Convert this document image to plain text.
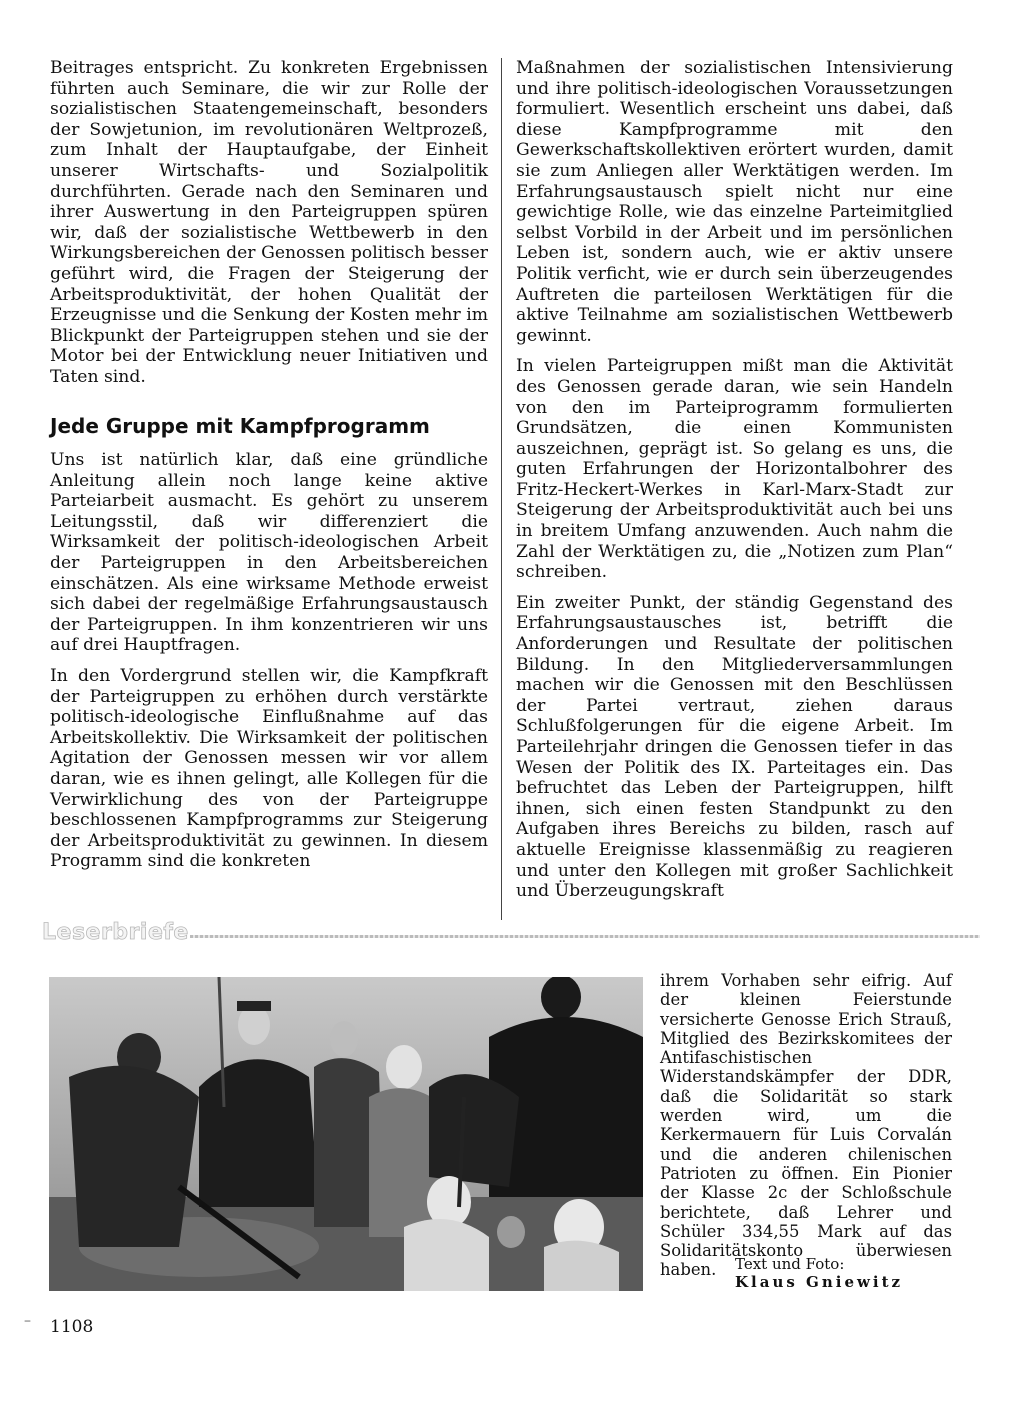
Beitrages entspricht. Zu konkreten Ergebnissen führten auch Seminare, die wir zur Rolle der sozialistischen Staatengemeinschaft, besonders der Sowjetunion, im revolutionären Weltprozeß, zum Inhalt der Hauptaufgabe, der Einheit unserer Wirtschafts- und Sozialpolitik durchführten. Gerade nach den Seminaren und ihrer Auswertung in den Parteigruppen spüren wir, daß der sozialistische Wettbewerb in den Wirkungsbereichen der Genossen politisch besser geführt wird, die Fragen der Steigerung der Arbeitsproduktivität, der hohen Qualität der Erzeugnisse und die Senkung der Kosten mehr im Blickpunkt der Parteigruppen stehen und sie der Motor bei der Entwicklung neuer Initiativen und Taten sind.

Jede Gruppe mit Kampfprogramm

Uns ist natürlich klar, daß eine gründliche Anleitung allein noch lange keine aktive Parteiarbeit ausmacht. Es gehört zu unserem Leitungsstil, daß wir differenziert die Wirksamkeit der politisch-ideologischen Arbeit der Parteigruppen in den Arbeitsbereichen einschätzen. Als eine wirksame Methode erweist sich dabei der regelmäßige Erfahrungsaustausch der Parteigruppen. In ihm konzentrieren wir uns auf drei Hauptfragen.

In den Vordergrund stellen wir, die Kampfkraft der Parteigruppen zu erhöhen durch verstärkte politisch-ideologische Einflußnahme auf das Arbeitskollektiv. Die Wirksamkeit der politischen Agitation der Genossen messen wir vor allem daran, wie es ihnen gelingt, alle Kollegen für die Verwirklichung des von der Parteigruppe beschlossenen Kampfprogramms zur Steigerung der Arbeitsproduktivität zu gewinnen. In diesem Programm sind die konkreten

Maßnahmen der sozialistischen Intensivierung und ihre politisch-ideologischen Voraussetzungen formuliert. Wesentlich erscheint uns dabei, daß diese Kampfprogramme mit den Gewerkschaftskollektiven erörtert wurden, damit sie zum Anliegen aller Werktätigen werden. Im Erfahrungsaustausch spielt nicht nur eine gewichtige Rolle, wie das einzelne Parteimitglied selbst Vorbild in der Arbeit und im persönlichen Leben ist, sondern auch, wie er aktiv unsere Politik verficht, wie er durch sein überzeugendes Auftreten die parteilosen Werktätigen für die aktive Teilnahme am sozialistischen Wettbewerb gewinnt.

In vielen Parteigruppen mißt man die Aktivität des Genossen gerade daran, wie sein Handeln von den im Parteiprogramm formulierten Grundsätzen, die einen Kommunisten auszeichnen, geprägt ist. So gelang es uns, die guten Erfahrungen der Horizontalbohrer des Fritz-Heckert-Werkes in Karl-Marx-Stadt zur Steigerung der Arbeitsproduktivität auch bei uns in breitem Umfang anzuwenden. Auch nahm die Zahl der Werktätigen zu, die „Notizen zum Plan“ schreiben.

Ein zweiter Punkt, der ständig Gegenstand des Erfahrungsaustausches ist, betrifft die Anforderungen und Resultate der politischen Bildung. In den Mitgliederversammlungen machen wir die Genossen mit den Beschlüssen der Partei vertraut, ziehen daraus Schlußfolgerungen für die eigene Arbeit. Im Parteilehrjahr dringen die Genossen tiefer in das Wesen der Politik des IX. Parteitages ein. Das befruchtet das Leben der Parteigruppen, hilft ihnen, sich einen festen Standpunkt zu den Aufgaben ihres Bereichs zu bilden, rasch auf aktuelle Ereignisse klassenmäßig zu reagieren und unter den Kollegen mit großer Sachlichkeit und Überzeugungskraft

Leserbriefe

ihrem Vorhaben sehr eifrig. Auf der kleinen Feierstunde versicherte Genosse Erich Strauß, Mitglied des Bezirkskomitees der Antifaschistischen Widerstandskämpfer der DDR, daß die Solidarität so stark werden wird, um die Kerkermauern für Luis Corvalán und die anderen chilenischen Patrioten zu öffnen. Ein Pionier der Klasse 2c der Schloßschule berichtete, daß Lehrer und Schüler 334,55 Mark auf das Solidaritätskonto überwiesen haben.	Text und Foto:
Klaus Gniewitz
– 1108
